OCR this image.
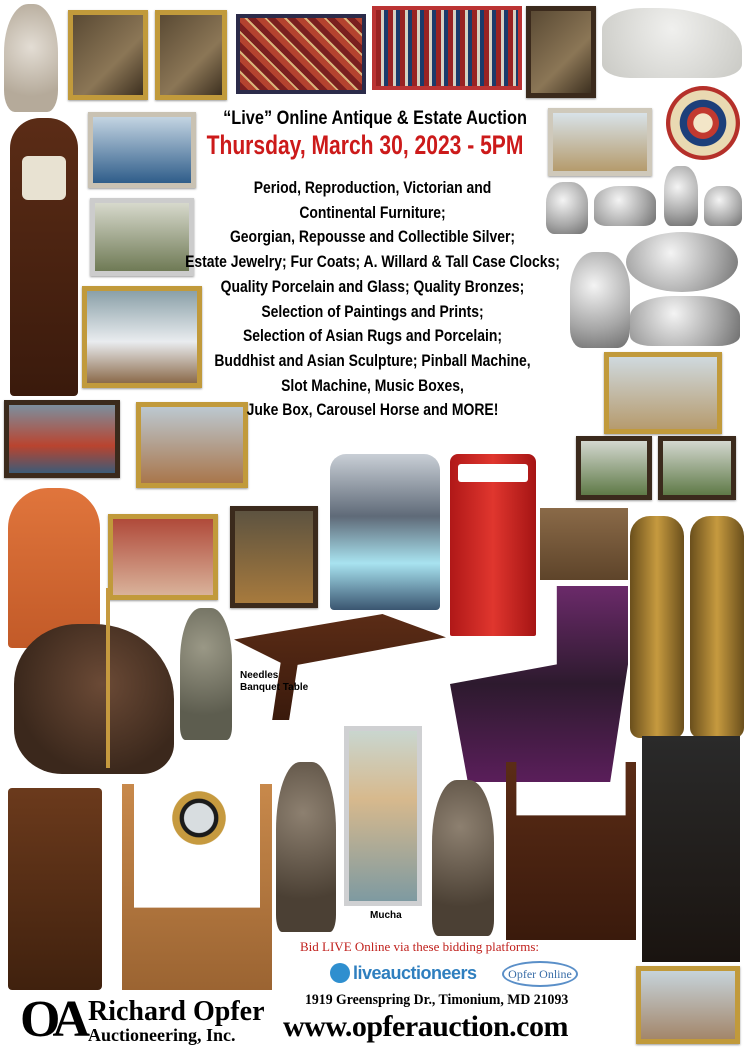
“Live” Online Antique & Estate Auction
Thursday, March 30, 2023 - 5PM
Period, Reproduction, Victorian and
Continental Furniture;
Georgian, Repousse and Collectible Silver;
Estate Jewelry; Fur Coats; A. Willard & Tall Case Clocks;
Quality Porcelain and Glass; Quality Bronzes;
Selection of Paintings and Prints;
Selection of Asian Rugs and Porcelain;
Buddhist and Asian Sculpture; Pinball Machine,
Slot Machine, Music Boxes,
Juke Box, Carousel Horse and MORE!
Needles
Banquet Table
Mucha
Bid LIVE Online via these bidding platforms:
liveauctioneers	Opfer Online
OA Richard Opfer
Auctioneering, Inc.
1919 Greenspring Dr., Timonium, MD 21093
www.opferauction.com
